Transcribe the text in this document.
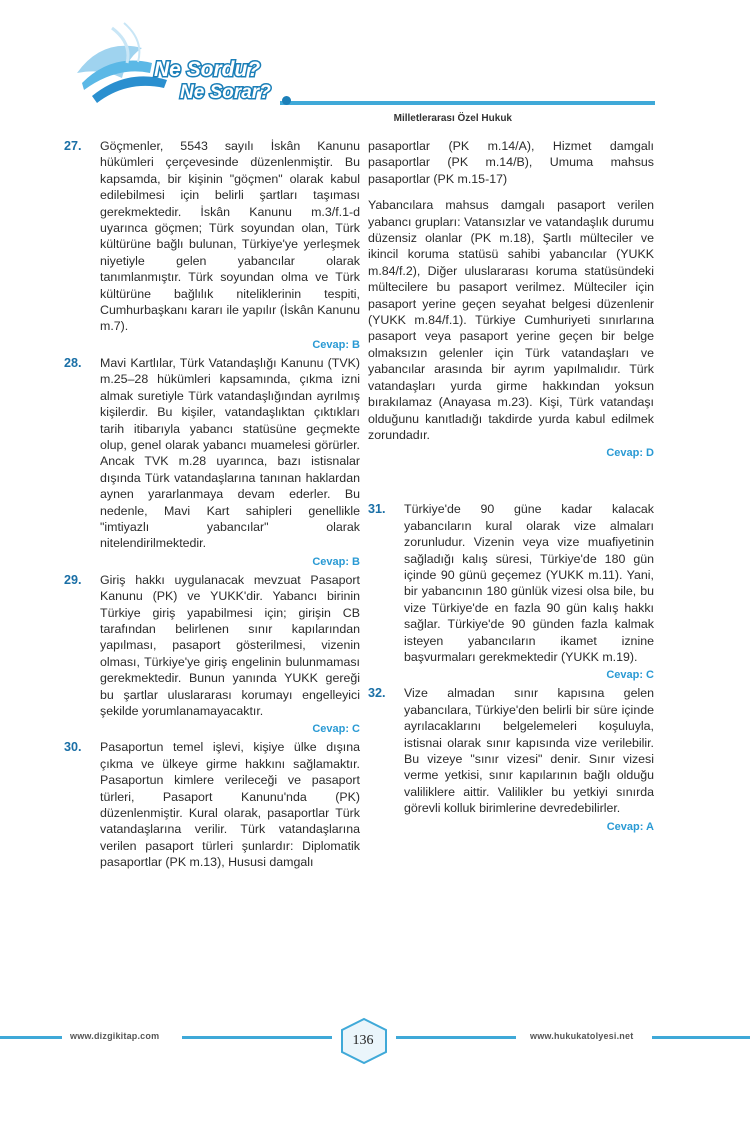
Ne Sordu?
Ne Sorar?
Milletlerarası Özel Hukuk
27.	Göçmenler, 5543 sayılı İskân Kanunu hükümleri çerçevesinde düzenlenmiştir. Bu kapsamda, bir kişinin "göçmen" olarak kabul edilebilmesi için belirli şartları taşıması gerekmektedir. İskân Kanunu m.3/f.1-d uyarınca göçmen; Türk soyundan olan, Türk kültürüne bağlı bulunan, Türkiye'ye yerleşmek niyetiyle gelen yabancılar olarak tanımlanmıştır. Türk soyundan olma ve Türk kültürüne bağlılık niteliklerinin tespiti, Cumhurbaşkanı kararı ile yapılır (İskân Kanunu m.7).

Cevap: B
28.	Mavi Kartlılar, Türk Vatandaşlığı Kanunu (TVK) m.25–28 hükümleri kapsamında, çıkma izni almak suretiyle Türk vatandaşlığından ayrılmış kişilerdir. Bu kişiler, vatandaşlıktan çıktıkları tarih itibarıyla yabancı statüsüne geçmekte olup, genel olarak yabancı muamelesi görürler. Ancak TVK m.28 uyarınca, bazı istisnalar dışında Türk vatandaşlarına tanınan haklardan aynen yararlanmaya devam ederler. Bu nedenle, Mavi Kart sahipleri genellikle "imtiyazlı yabancılar" olarak nitelendirilmektedir.

Cevap: B
29.	Giriş hakkı uygulanacak mevzuat Pasaport Kanunu (PK) ve YUKK'dir. Yabancı birinin Türkiye giriş yapabilmesi için; girişin CB tarafından belirlenen sınır kapılarından yapılması, pasaport gösterilmesi, vizenin olması, Türkiye'ye giriş engelinin bulunmaması gerekmektedir. Bunun yanında YUKK gereği bu şartlar uluslararası korumayı engelleyici şekilde yorumlanamayacaktır.

Cevap: C
30.	Pasaportun temel işlevi, kişiye ülke dışına çıkma ve ülkeye girme hakkını sağlamaktır. Pasaportun kimlere verileceği ve pasaport türleri, Pasaport Kanunu'nda (PK) düzenlenmiştir. Kural olarak, pasaportlar Türk vatandaşlarına verilir. Türk vatandaşlarına verilen pasaport türleri şunlardır: Diplomatik pasaportlar (PK m.13), Hususi damgalı

pasaportlar (PK m.14/A), Hizmet damgalı pasaportlar (PK m.14/B), Umuma mahsus pasaportlar (PK m.15-17)

Yabancılara mahsus damgalı pasaport verilen yabancı grupları: Vatansızlar ve vatandaşlık durumu düzensiz olanlar (PK m.18), Şartlı mülteciler ve ikincil koruma statüsü sahibi yabancılar (YUKK m.84/f.2), Diğer uluslararası koruma statüsündeki mültecilere bu pasaport verilmez. Mülteciler için pasaport yerine geçen seyahat belgesi düzenlenir (YUKK m.84/f.1). Türkiye Cumhuriyeti sınırlarına pasaport veya pasaport yerine geçen bir belge olmaksızın gelenler için Türk vatandaşları ve yabancılar arasında bir ayrım yapılmalıdır. Türk vatandaşları yurda girme hakkından yoksun bırakılamaz (Anayasa m.23). Kişi, Türk vatandaşı olduğunu kanıtladığı takdirde yurda kabul edilmek zorundadır.

Cevap: D
31.	Türkiye'de 90 güne kadar kalacak yabancıların kural olarak vize almaları zorunludur. Vizenin veya vize muafiyetinin sağladığı kalış süresi, Türkiye'de 180 gün içinde 90 günü geçemez (YUKK m.11). Yani, bir yabancının 180 günlük vizesi olsa bile, bu vize Türkiye'de en fazla 90 gün kalış hakkı sağlar. Türkiye'de 90 günden fazla kalmak isteyen yabancıların ikamet iznine başvurmaları gerekmektedir (YUKK m.19).

Cevap: C
32.	Vize almadan sınır kapısına gelen yabancılara, Türkiye'den belirli bir süre içinde ayrılacaklarını belgelemeleri koşuluyla, istisnai olarak sınır kapısında vize verilebilir. Bu vizeye "sınır vizesi" denir. Sınır vizesi verme yetkisi, sınır kapılarının bağlı olduğu valiliklere aittir. Valilikler bu yetkiyi sınırda görevli kolluk birimlerine devredebilirler.

Cevap: A
www.dizgikitap.com	136	www.hukukatolyesi.net
